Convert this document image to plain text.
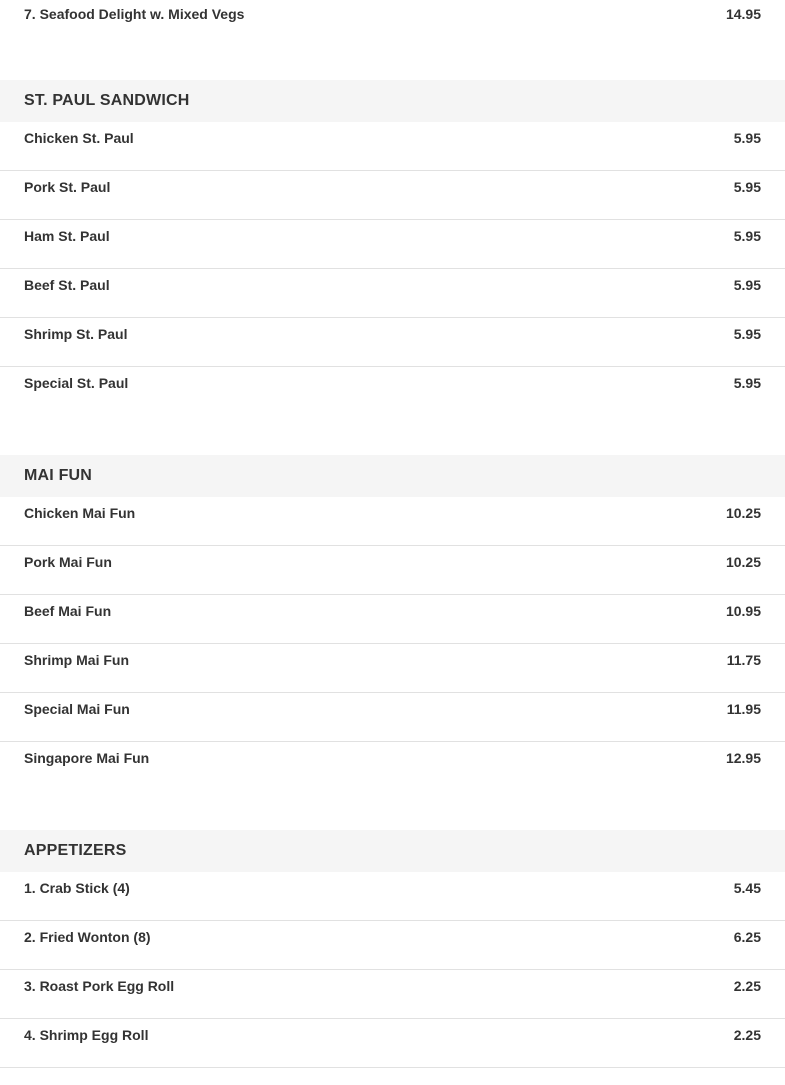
7. Seafood Delight w. Mixed Vegs	14.95
ST. PAUL SANDWICH
Chicken St. Paul	5.95
Pork St. Paul	5.95
Ham St. Paul	5.95
Beef St. Paul	5.95
Shrimp St. Paul	5.95
Special St. Paul	5.95
MAI FUN
Chicken Mai Fun	10.25
Pork Mai Fun	10.25
Beef Mai Fun	10.95
Shrimp Mai Fun	11.75
Special Mai Fun	11.95
Singapore Mai Fun	12.95
APPETIZERS
1. Crab Stick (4)	5.45
2. Fried Wonton (8)	6.25
3. Roast Pork Egg Roll	2.25
4. Shrimp Egg Roll	2.25
